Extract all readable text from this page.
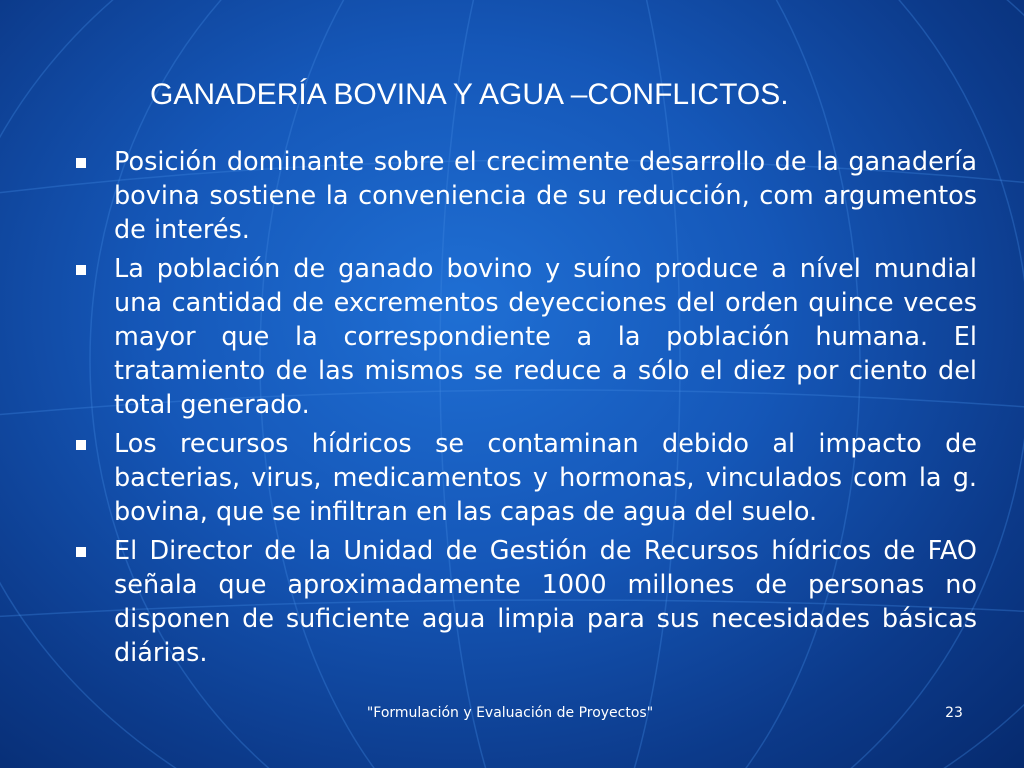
GANADERÍA BOVINA Y AGUA –CONFLICTOS.
Posición dominante sobre el crecimente desarrollo de la ganadería bovina sostiene la conveniencia de su reducción, com argumentos de interés.
La población de ganado bovino y suíno produce a nível mundial una cantidad de excrementos deyecciones del orden quince veces mayor que la correspondiente a la población humana. El tratamiento de las mismos se reduce a sólo el diez por ciento del total generado.
Los recursos hídricos se contaminan debido al impacto de bacterias, virus, medicamentos y hormonas, vinculados com la g. bovina, que se infiltran en las capas de agua del suelo.
El Director de la Unidad de Gestión de Recursos hídricos de FAO señala que aproximadamente 1000 millones de personas no disponen de suficiente agua limpia para sus necesidades básicas diárias.
"Formulación y Evaluación de Proyectos"	23
